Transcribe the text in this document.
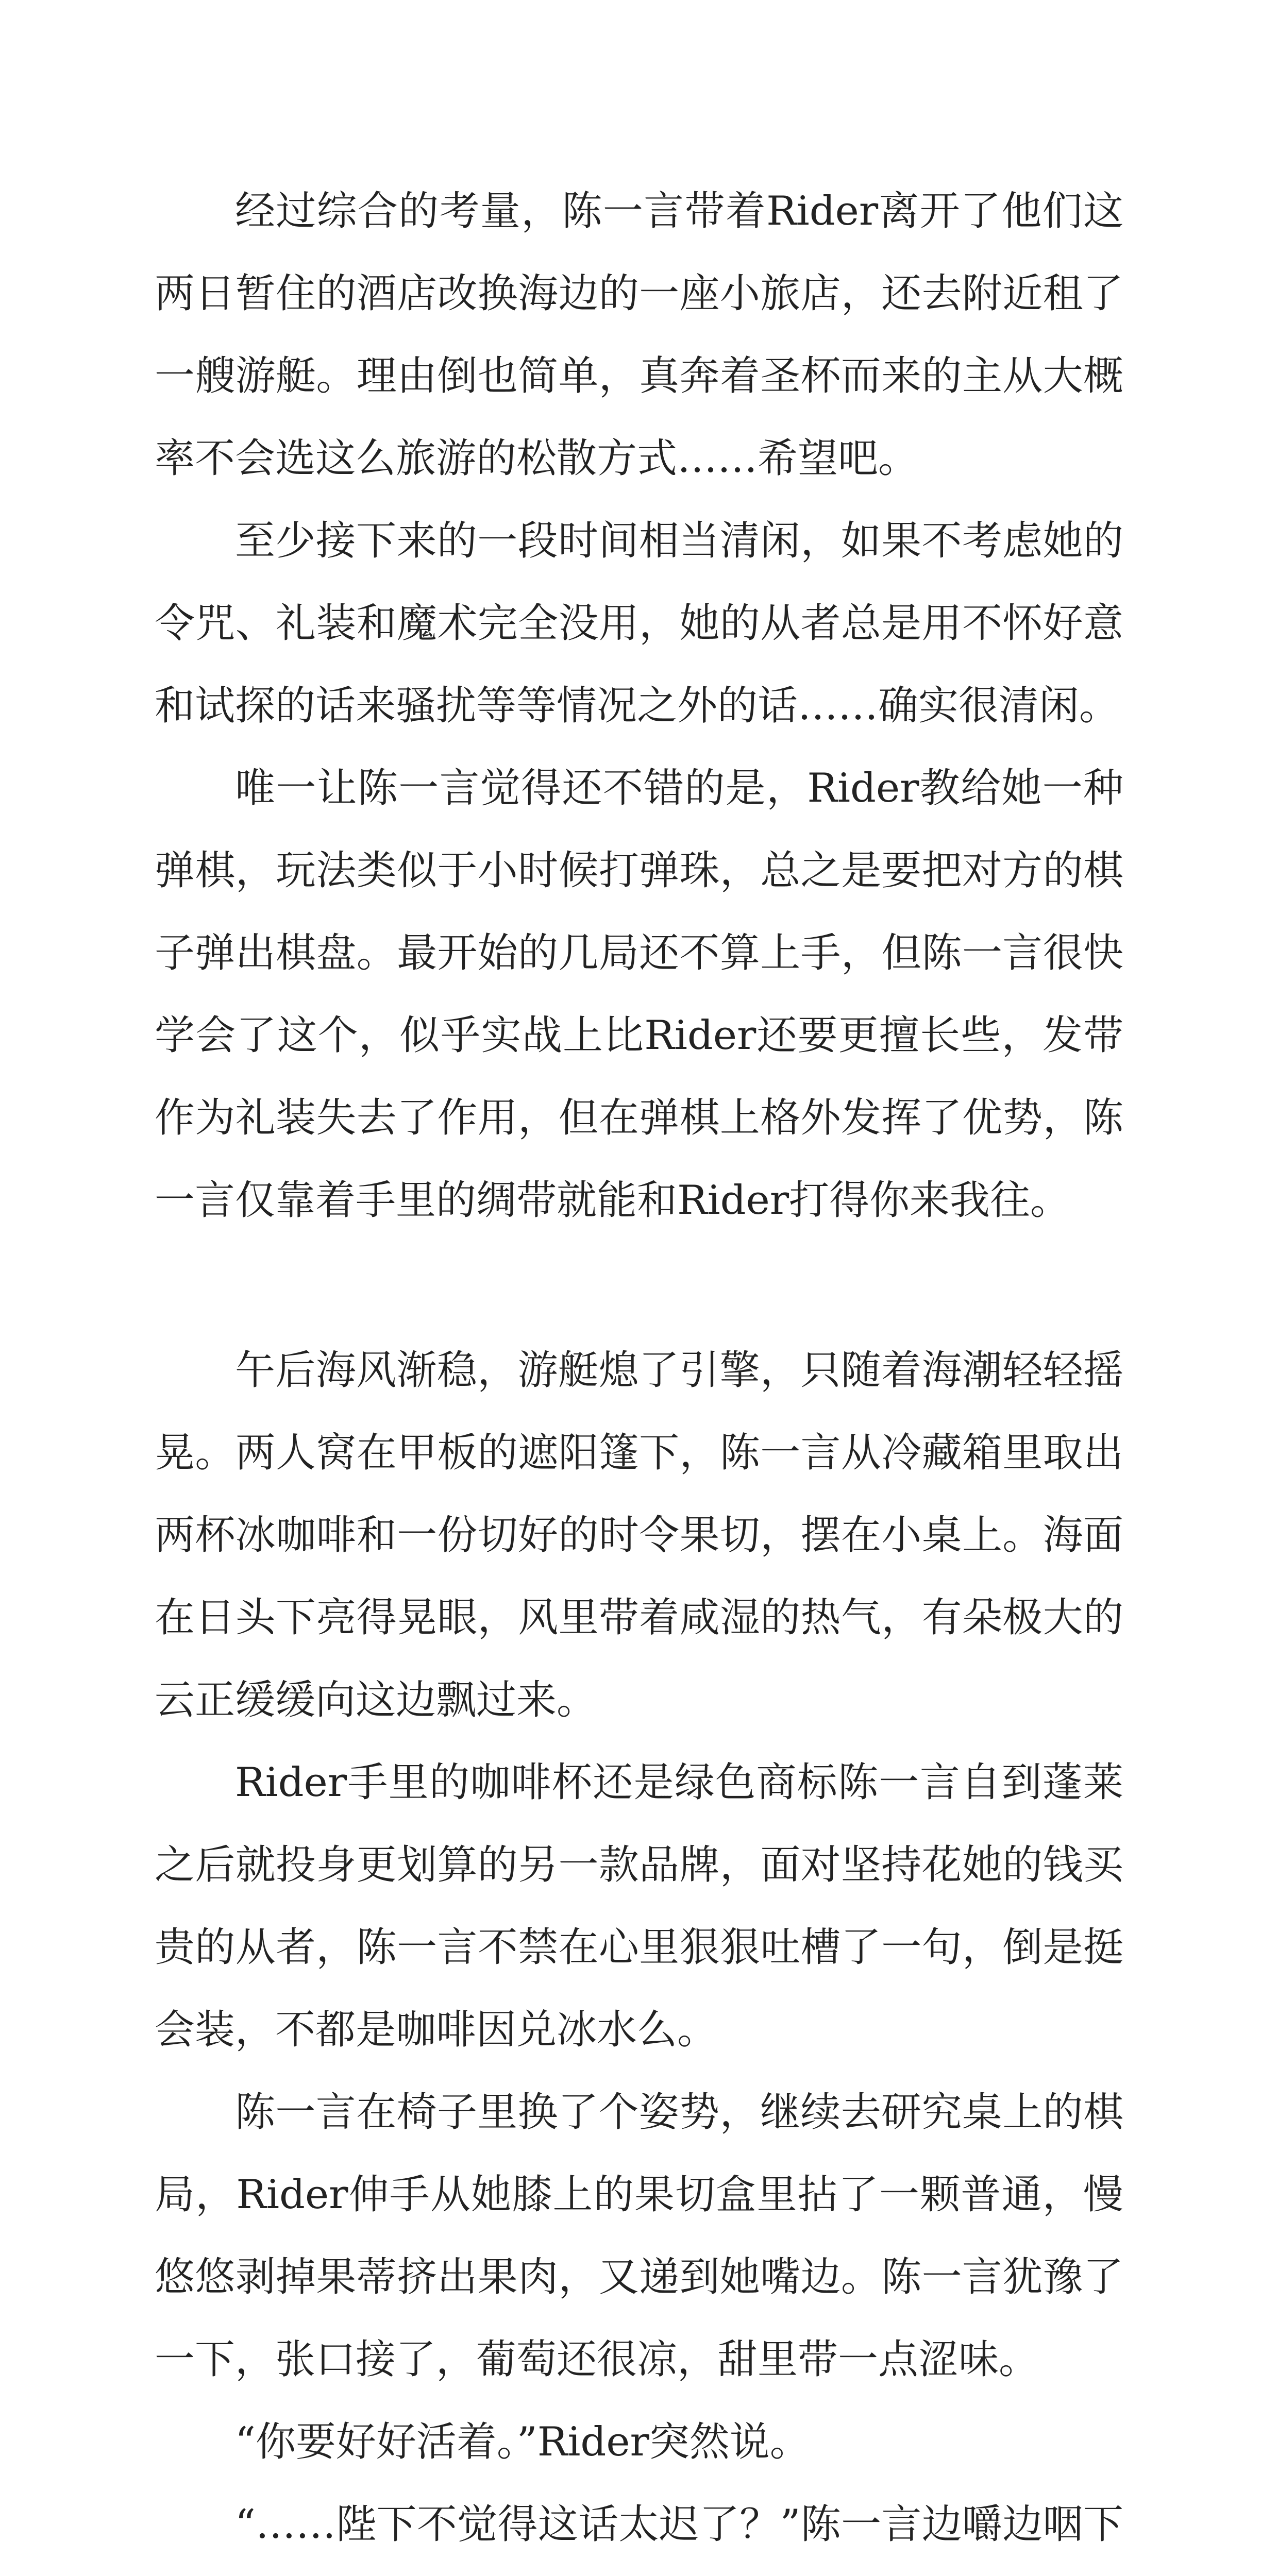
经过综合的考量，陈一言带着Rider离开了他们这两日暂住的酒店改换海边的一座小旅店，还去附近租了一艘游艇。理由倒也简单，真奔着圣杯而来的主从大概率不会选这么旅游的松散方式……希望吧。

至少接下来的一段时间相当清闲，如果不考虑她的令咒、礼装和魔术完全没用，她的从者总是用不怀好意和试探的话来骚扰等等情况之外的话……确实很清闲。

唯一让陈一言觉得还不错的是，Rider教给她一种弹棋，玩法类似于小时候打弹珠，总之是要把对方的棋子弹出棋盘。最开始的几局还不算上手，但陈一言很快学会了这个，似乎实战上比Rider还要更擅长些，发带作为礼装失去了作用，但在弹棋上格外发挥了优势，陈一言仅靠着手里的绸带就能和Rider打得你来我往。

午后海风渐稳，游艇熄了引擎，只随着海潮轻轻摇晃。两人窝在甲板的遮阳篷下，陈一言从冷藏箱里取出两杯冰咖啡和一份切好的时令果切，摆在小桌上。海面在日头下亮得晃眼，风里带着咸湿的热气，有朵极大的云正缓缓向这边飘过来。

Rider手里的咖啡杯还是绿色商标陈一言自到蓬莱之后就投身更划算的另一款品牌，面对坚持花她的钱买贵的从者，陈一言不禁在心里狠狠吐槽了一句，倒是挺会装，不都是咖啡因兑冰水么。

陈一言在椅子里换了个姿势，继续去研究桌上的棋局，Rider伸手从她膝上的果切盒里拈了一颗普通，慢悠悠剥掉果蒂挤出果肉，又递到她嘴边。陈一言犹豫了一下，张口接了，葡萄还很凉，甜里带一点涩味。

“你要好好活着。”Rider突然说。

“……陛下不觉得这话太迟了？”陈一言边嚼边咽下
